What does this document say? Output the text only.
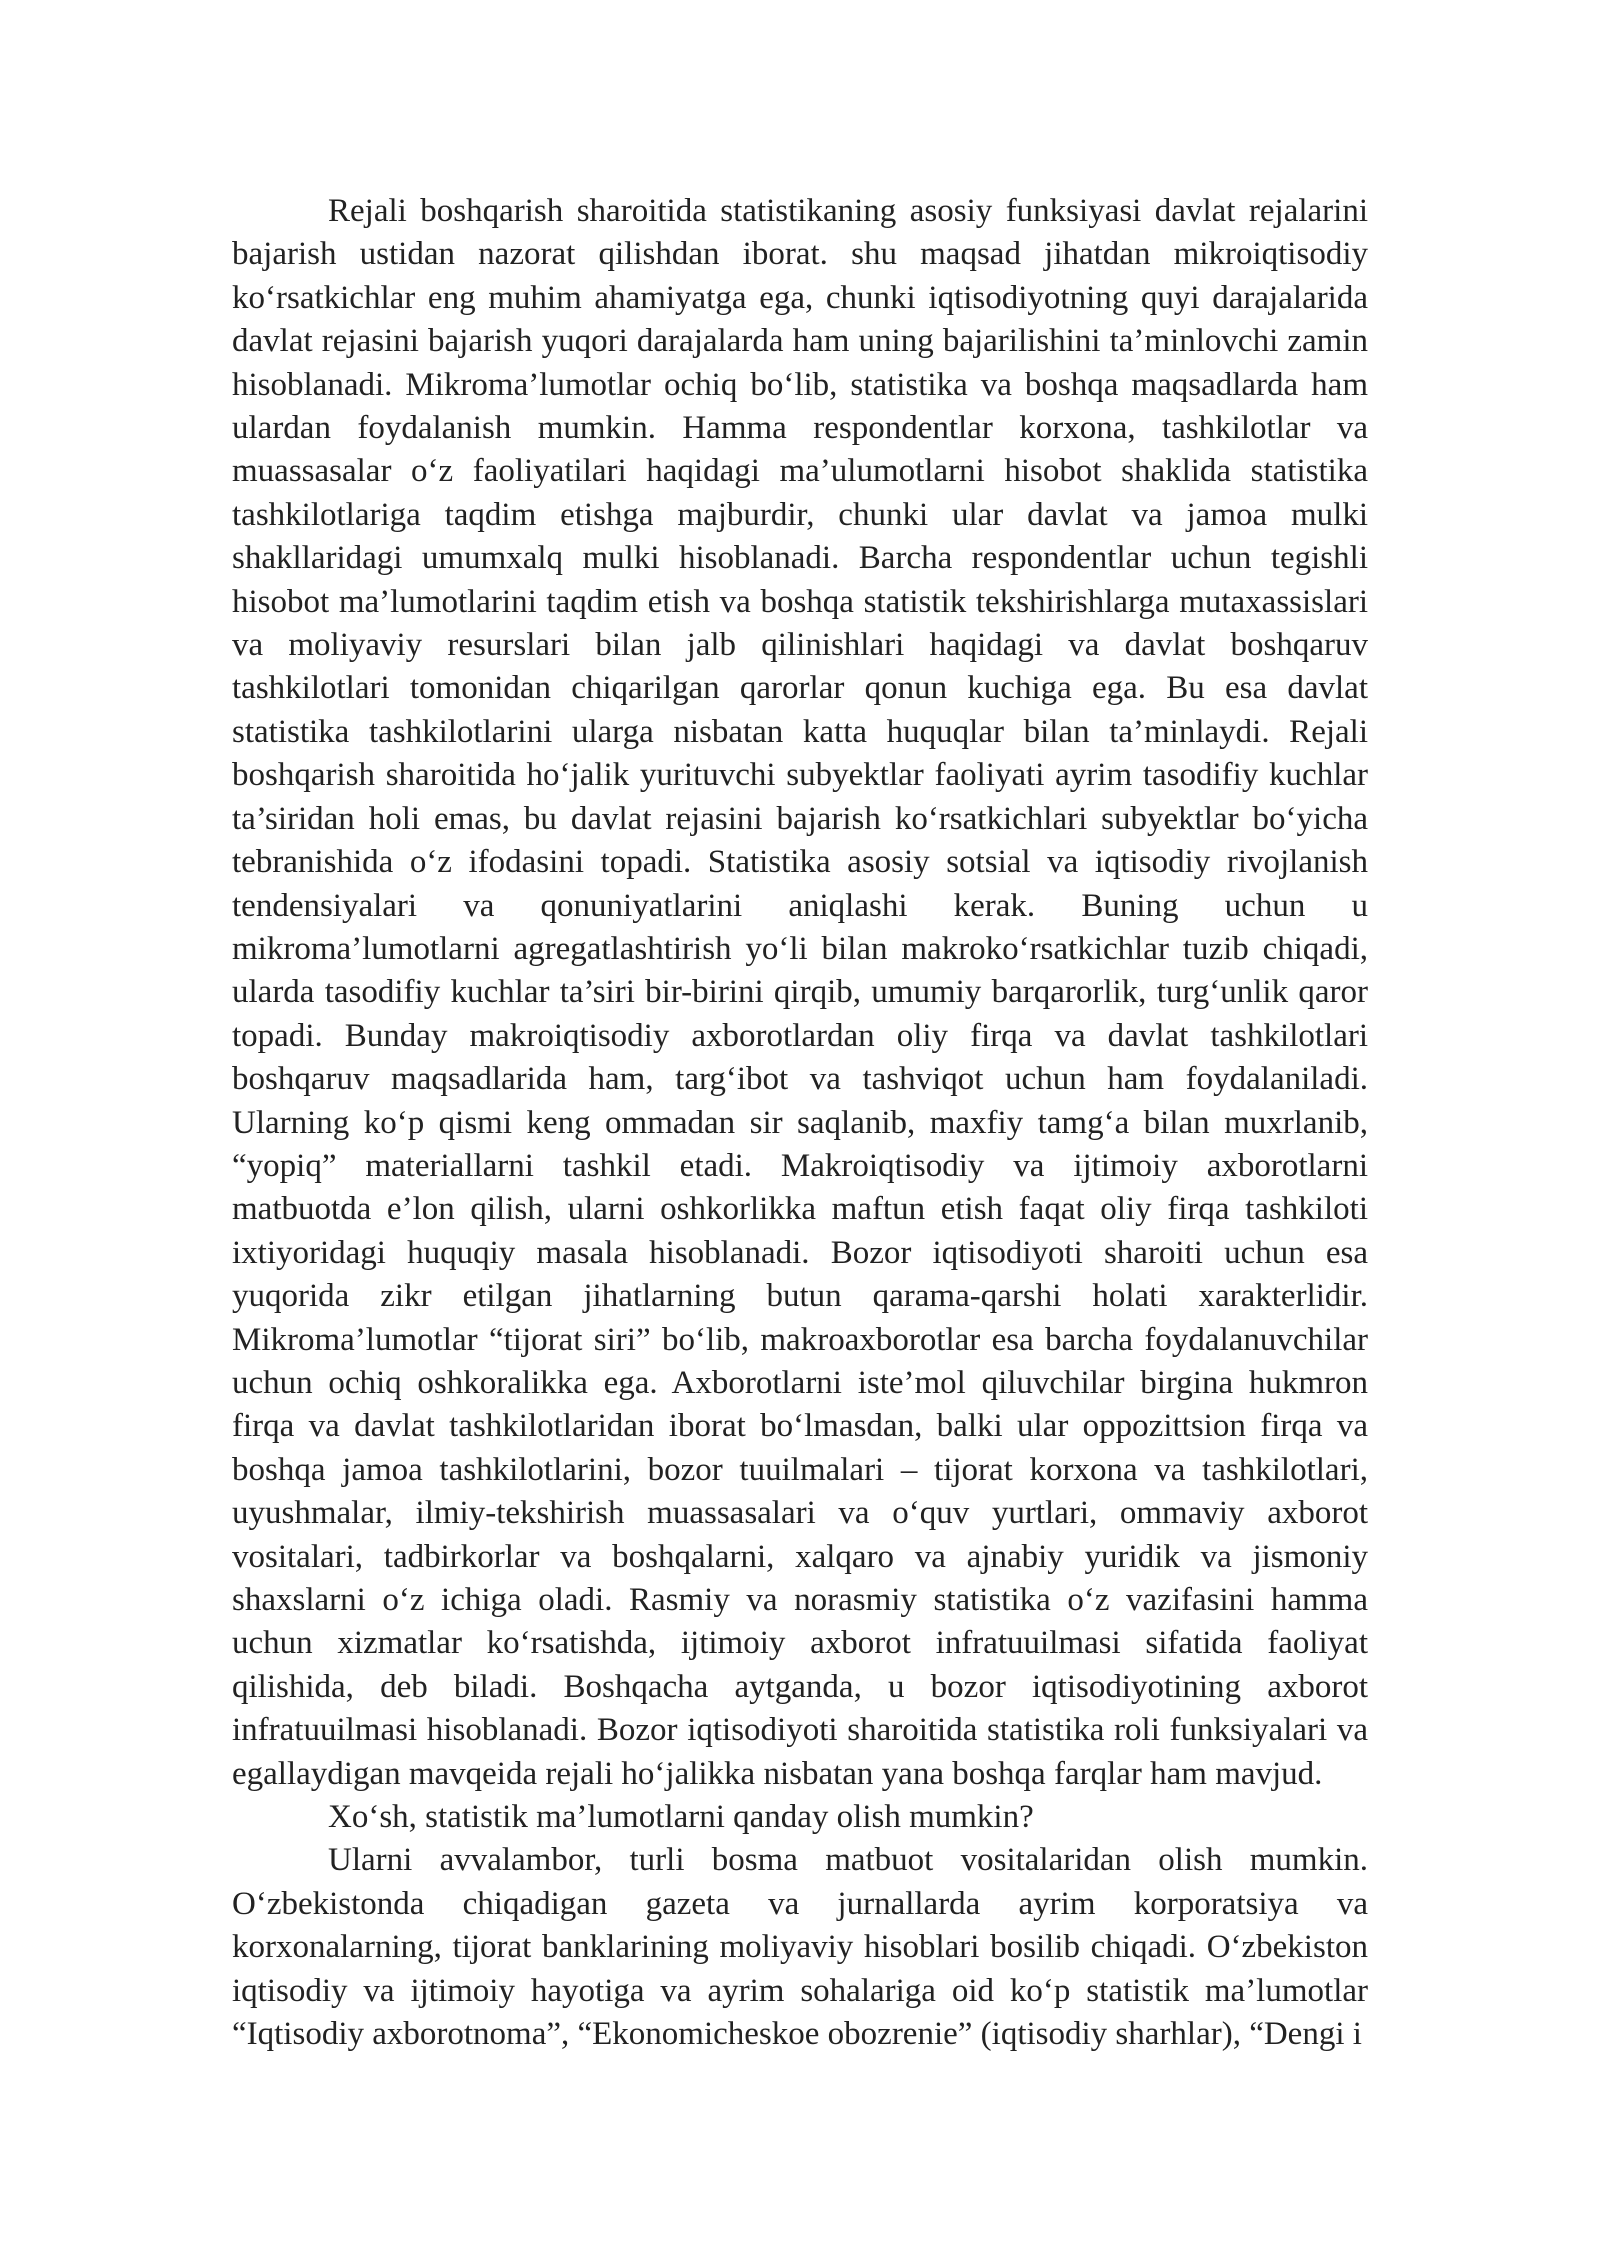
Rejali boshqarish sharoitida statistikaning asosiy funksiyasi davlat rejalarini bajarish ustidan nazorat qilishdan iborat. shu maqsad jihatdan mikroiqtisodiy ko‘rsatkichlar eng muhim ahamiyatga ega, chunki iqtisodiyotning quyi darajalarida davlat rejasini bajarish yuqori darajalarda ham uning bajarilishini ta’minlovchi zamin hisoblanadi. Mikroma’lumotlar ochiq bo‘lib, statistika va boshqa maqsadlarda ham ulardan foydalanish mumkin. Hamma respondentlar korxona, tashkilotlar va muassasalar o‘z faoliyatilari haqidagi ma’ulumotlarni hisobot shaklida statistika tashkilotlariga taqdim etishga majburdir, chunki ular davlat va jamoa mulki shakllaridagi umumxalq mulki hisoblanadi. Barcha respondentlar uchun tegishli hisobot ma’lumotlarini taqdim etish va boshqa statistik tekshirishlarga mutaxassislari va moliyaviy resurslari bilan jalb qilinishlari haqidagi va davlat boshqaruv tashkilotlari tomonidan chiqarilgan qarorlar qonun kuchiga ega. Bu esa davlat statistika tashkilotlarini ularga nisbatan katta huquqlar bilan ta’minlaydi. Rejali boshqarish sharoitida ho‘jalik yurituvchi subyektlar faoliyati ayrim tasodifiy kuchlar ta’siridan holi emas, bu davlat rejasini bajarish ko‘rsatkichlari subyektlar bo‘yicha tebranishida o‘z ifodasini topadi. Statistika asosiy sotsial va iqtisodiy rivojlanish tendensiyalari va qonuniyatlarini aniqlashi kerak. Buning uchun u mikroma’lumotlarni agregatlashtirish yo‘li bilan makroko‘rsatkichlar tuzib chiqadi, ularda tasodifiy kuchlar ta’siri bir-birini qirqib, umumiy barqarorlik, turg‘unlik qaror topadi. Bunday makroiqtisodiy axborotlardan oliy firqa va davlat tashkilotlari boshqaruv maqsadlarida ham, targ‘ibot va tashviqot uchun ham foydalaniladi. Ularning ko‘p qismi keng ommadan sir saqlanib, maxfiy tamg‘a bilan muxrlanib, “yopiq” materiallarni tashkil etadi. Makroiqtisodiy va ijtimoiy axborotlarni matbuotda e’lon qilish, ularni oshkorlikka maftun etish faqat oliy firqa tashkiloti ixtiyoridagi huquqiy masala hisoblanadi. Bozor iqtisodiyoti sharoiti uchun esa yuqorida zikr etilgan jihatlarning butun qarama-qarshi holati xarakterlidir. Mikroma’lumotlar “tijorat siri” bo‘lib, makroaxborotlar esa barcha foydalanuvchilar uchun ochiq oshkoralikka ega. Axborotlarni iste’mol qiluvchilar birgina hukmron firqa va davlat tashkilotlaridan iborat bo‘lmasdan, balki ular oppozittsion firqa va boshqa jamoa tashkilotlarini, bozor tuuilmalari – tijorat korxona va tashkilotlari, uyushmalar, ilmiy-tekshirish muassasalari va o‘quv yurtlari, ommaviy axborot vositalari, tadbirkorlar va boshqalarni, xalqaro va ajnabiy yuridik va jismoniy shaxslarni o‘z ichiga oladi. Rasmiy va norasmiy statistika o‘z vazifasini hamma uchun xizmatlar ko‘rsatishda, ijtimoiy axborot infratuuilmasi sifatida faoliyat qilishida, deb biladi. Boshqacha aytganda, u bozor iqtisodiyotining axborot infratuuilmasi hisoblanadi. Bozor iqtisodiyoti sharoitida statistika roli funksiyalari va egallaydigan mavqeida rejali ho‘jalikka nisbatan yana boshqa farqlar ham mavjud.

Xo‘sh, statistik ma’lumotlarni qanday olish mumkin?

Ularni avvalambor, turli bosma matbuot vositalaridan olish mumkin. O‘zbekistonda chiqadigan gazeta va jurnallarda ayrim korporatsiya va korxonalarning, tijorat banklarining moliyaviy hisoblari bosilib chiqadi. O‘zbekiston iqtisodiy va ijtimoiy hayotiga va ayrim sohalariga oid ko‘p statistik ma’lumotlar “Iqtisodiy axborotnoma”, “Ekonomicheskoe obozrenie” (iqtisodiy sharhlar), “Dengi i
